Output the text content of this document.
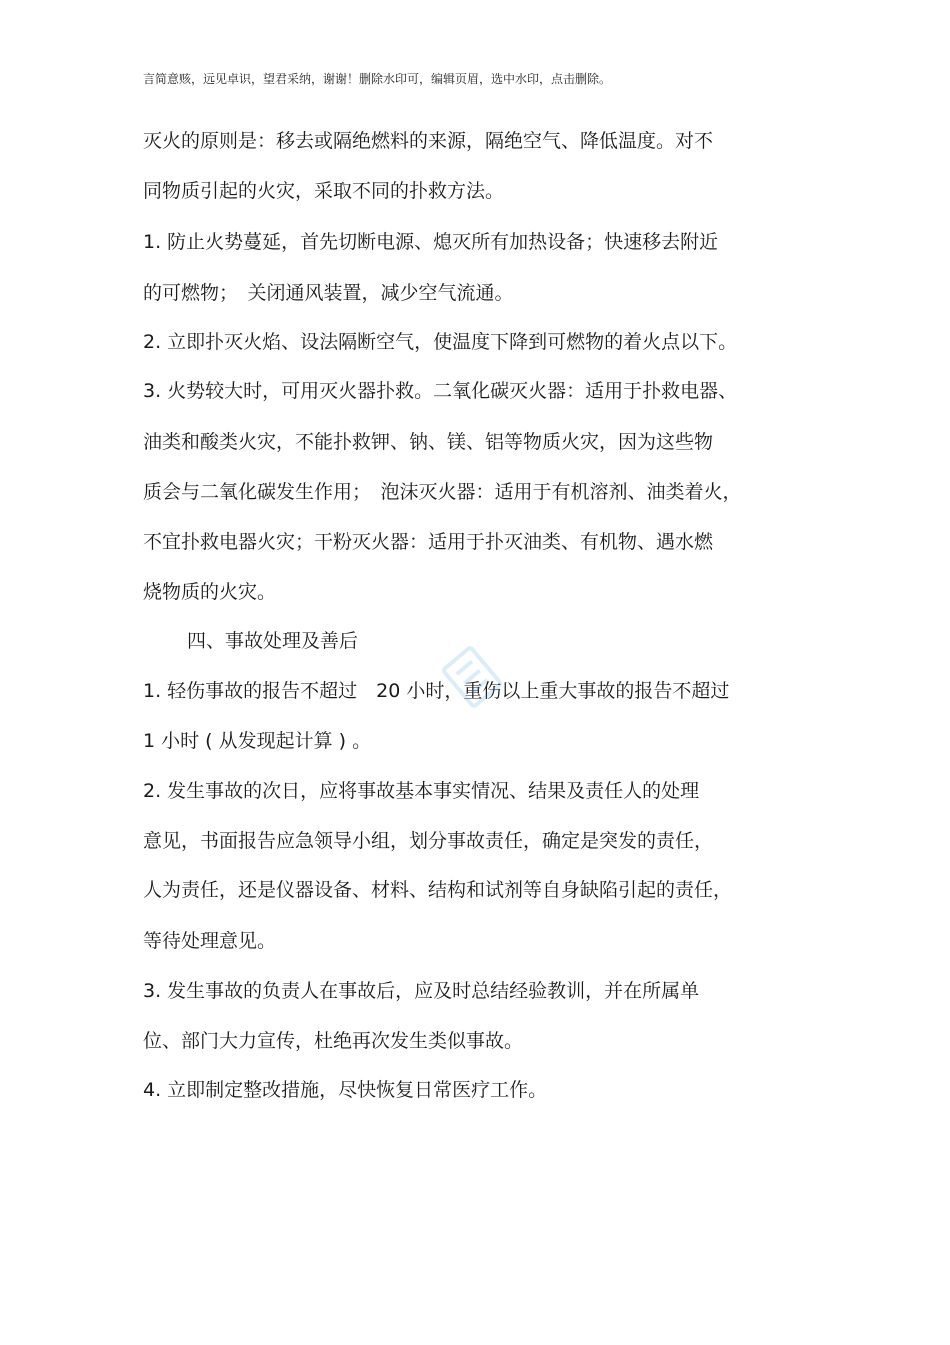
言简意赅，远见卓识，望君采纳，谢谢！删除水印可，编辑页眉，选中水印，点击删除。
灭火的原则是：移去或隔绝燃料的来源，隔绝空气、降低温度。对不
同物质引起的火灾，采取不同的扑救方法。
1. 防止火势蔓延，首先切断电源、熄灭所有加热设备；快速移去附近
的可燃物；　关闭通风装置，减少空气流通。
2. 立即扑灭火焰、设法隔断空气，使温度下降到可燃物的着火点以下。
3. 火势较大时，可用灭火器扑救。二氧化碳灭火器：适用于扑救电器、
油类和酸类火灾，不能扑救钾、钠、镁、铝等物质火灾，因为这些物
质会与二氧化碳发生作用；　泡沫灭火器：适用于有机溶剂、油类着火，
不宜扑救电器火灾；干粉灭火器：适用于扑灭油类、有机物、遇水燃
烧物质的火灾。
四、事故处理及善后
1. 轻伤事故的报告不超过　20 小时，重伤以上重大事故的报告不超过
1 小时 ( 从发现起计算 ) 。
2. 发生事故的次日，应将事故基本事实情况、结果及责任人的处理
意见，书面报告应急领导小组，划分事故责任，确定是突发的责任，
人为责任，还是仪器设备、材料、结构和试剂等自身缺陷引起的责任，
等待处理意见。
3. 发生事故的负责人在事故后，应及时总结经验教训，并在所属单
位、部门大力宣传，杜绝再次发生类似事故。
4. 立即制定整改措施，尽快恢复日常医疗工作。
